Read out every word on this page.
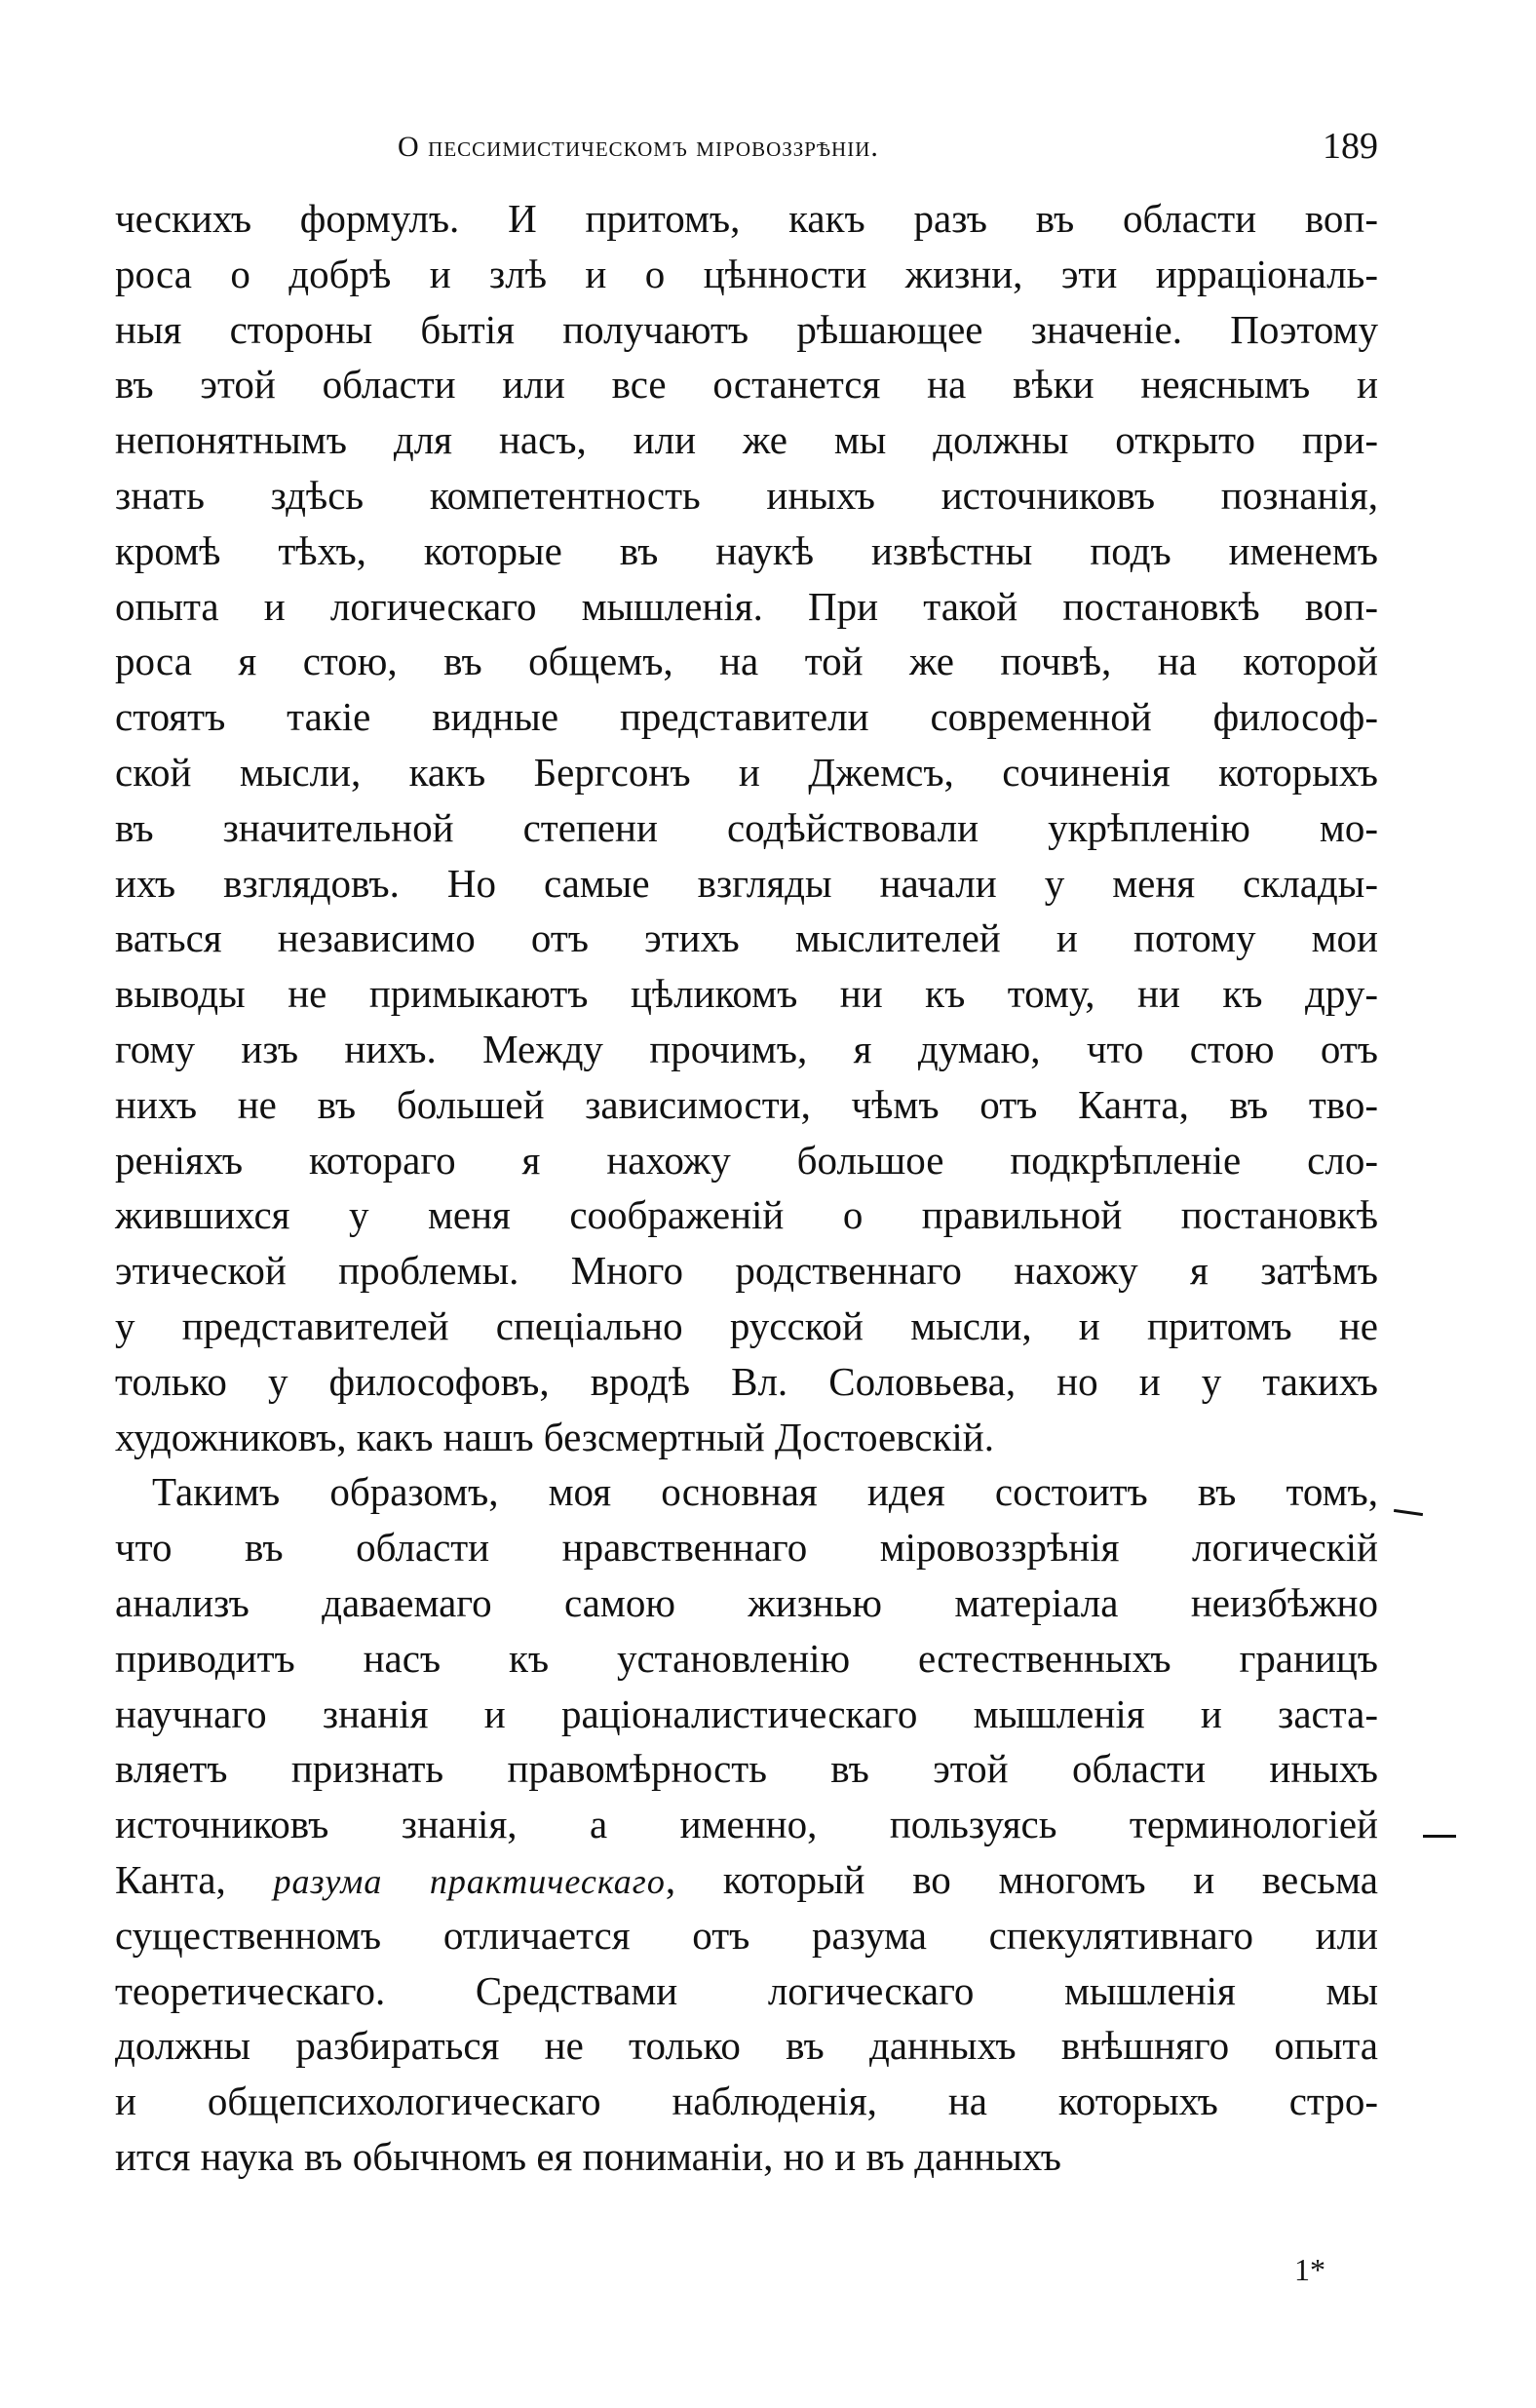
О пессимистическомъ міровоззрѣніи.	189
ческихъ формулъ. И притомъ, какъ разъ въ области воп-
роса о добрѣ и злѣ и о цѣнности жизни, эти ирраціональ-
ныя стороны бытія получаютъ рѣшающее значеніе. Поэтому
въ этой области или все останется на вѣки неяснымъ и
непонятнымъ для насъ, или же мы должны открыто при-
знать здѣсь компетентность иныхъ источниковъ познанія,
кромѣ тѣхъ, которые въ наукѣ извѣстны подъ именемъ
опыта и логическаго мышленія. При такой постановкѣ воп-
роса я стою, въ общемъ, на той же почвѣ, на которой
стоятъ такіе видные представители современной философ-
ской мысли, какъ Бергсонъ и Джемсъ, сочиненія которыхъ
въ значительной степени содѣйствовали укрѣпленію мо-
ихъ взглядовъ. Но самые взгляды начали у меня склады-
ваться независимо отъ этихъ мыслителей и потому мои
выводы не примыкаютъ цѣликомъ ни къ тому, ни къ дру-
гому изъ нихъ. Между прочимъ, я думаю, что стою отъ
нихъ не въ большей зависимости, чѣмъ отъ Канта, въ тво-
реніяхъ котораго я нахожу большое подкрѣпленіе сло-
жившихся у меня соображеній о правильной постановкѣ
этической проблемы. Много родственнаго нахожу я затѣмъ
у представителей спеціально русской мысли, и притомъ не
только у философовъ, вродѣ Вл. Соловьева, но и у такихъ
художниковъ, какъ нашъ безсмертный Достоевскій.
Такимъ образомъ, моя основная идея состоитъ въ томъ,
что въ области нравственнаго міровоззрѣнія логическій
анализъ даваемаго самою жизнью матеріала неизбѣжно
приводитъ насъ къ установленію естественныхъ границъ
научнаго знанія и раціоналистическаго мышленія и заста-
вляетъ признать правомѣрность въ этой области иныхъ
источниковъ знанія, а именно, пользуясь терминологіей
Канта, разума практическаго, который во многомъ и весьма
существенномъ отличается отъ разума спекулятивнаго или
теоретическаго. Средствами логическаго мышленія мы
должны разбираться не только въ данныхъ внѣшняго опыта
и общепсихологическаго наблюденія, на которыхъ стро-
ится наука въ обычномъ ея пониманіи, но и въ данныхъ
1*
